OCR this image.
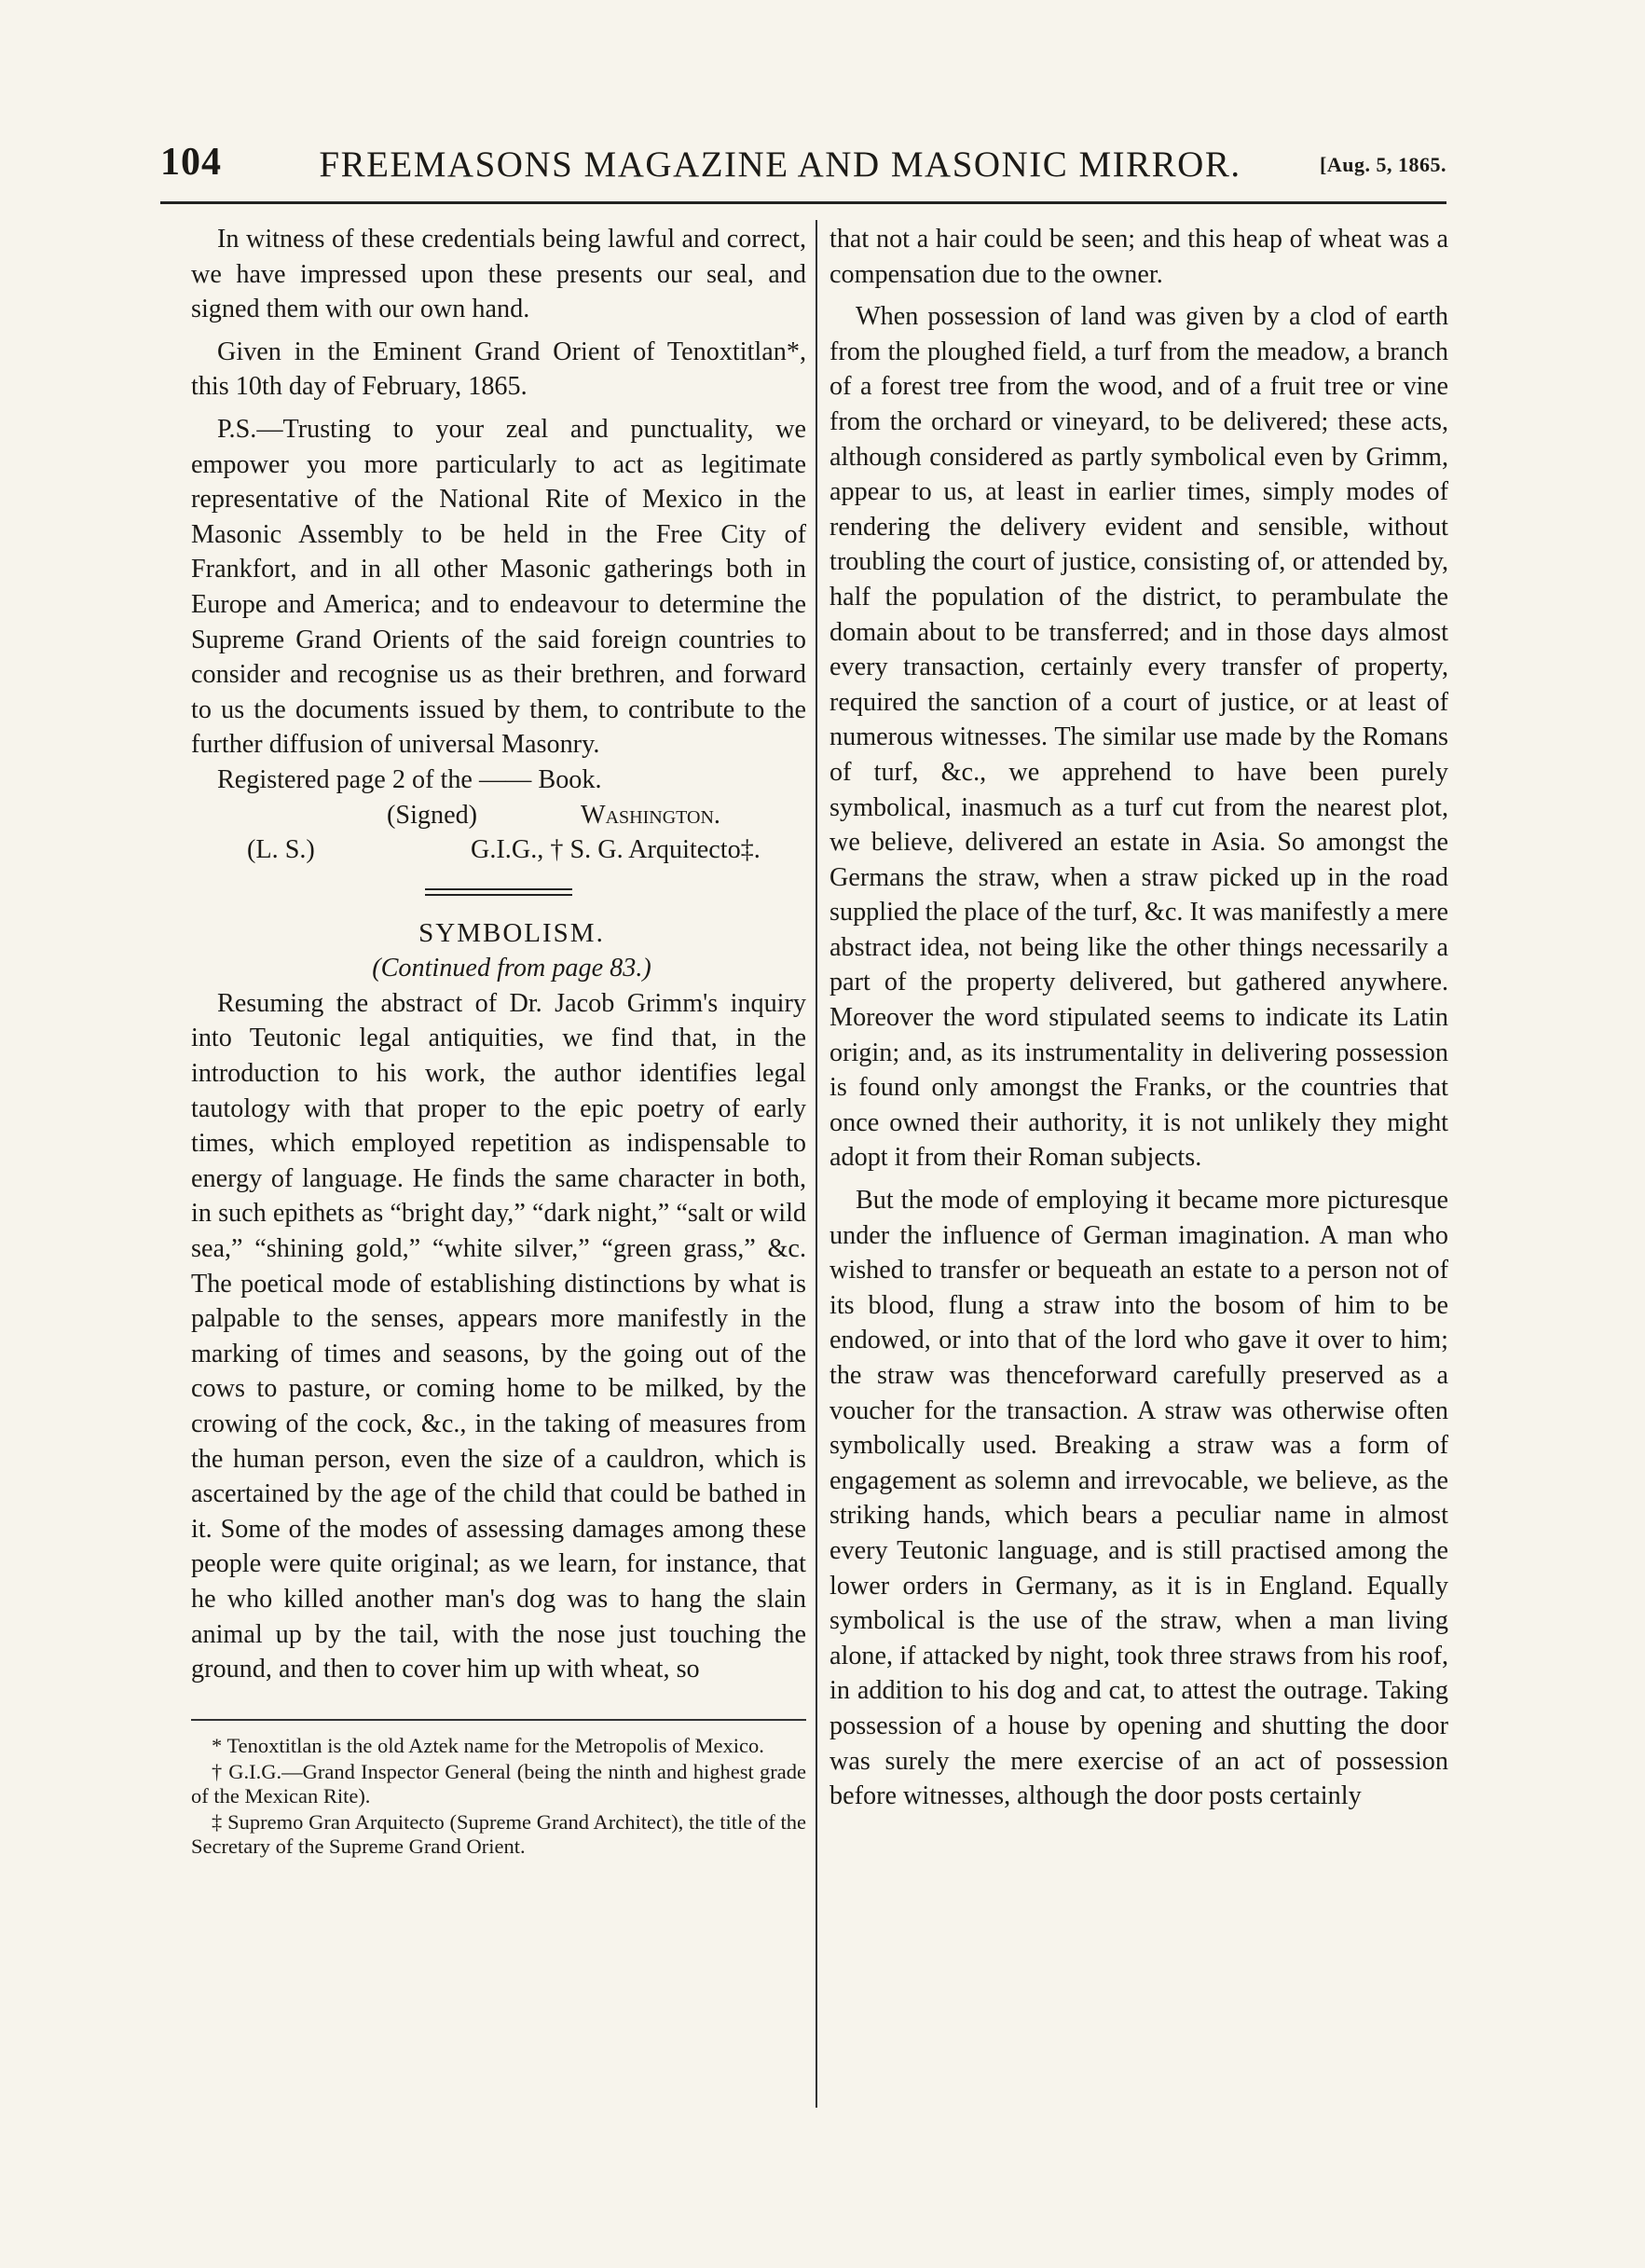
104	FREEMASONS MAGAZINE AND MASONIC MIRROR.	[Aug. 5, 1865.

In witness of these credentials being lawful and correct, we have impressed upon these presents our seal, and signed them with our own hand.

Given in the Eminent Grand Orient of Tenoxtitlan*, this 10th day of February, 1865.

P.S.—Trusting to your zeal and punctuality, we empower you more particularly to act as legitimate representative of the National Rite of Mexico in the Masonic Assembly to be held in the Free City of Frankfort, and in all other Masonic gatherings both in Europe and America; and to endeavour to determine the Supreme Grand Orients of the said foreign countries to consider and recognise us as their brethren, and forward to us the documents issued by them, to contribute to the further diffusion of universal Masonry.

Registered page 2 of the —— Book.

(Signed)	Washington.
(L. S.)	G.I.G., † S. G. Arquitecto‡.

SYMBOLISM.

(Continued from page 83.)

Resuming the abstract of Dr. Jacob Grimm's inquiry into Teutonic legal antiquities, we find that, in the introduction to his work, the author identifies legal tautology with that proper to the epic poetry of early times, which employed repetition as indispensable to energy of language. He finds the same character in both, in such epithets as “bright day,” “dark night,” “salt or wild sea,” “shining gold,” “white silver,” “green grass,” &c. The poetical mode of establishing distinctions by what is palpable to the senses, appears more manifestly in the marking of times and seasons, by the going out of the cows to pasture, or coming home to be milked, by the crowing of the cock, &c., in the taking of measures from the human person, even the size of a cauldron, which is ascertained by the age of the child that could be bathed in it. Some of the modes of assessing damages among these people were quite original; as we learn, for instance, that he who killed another man's dog was to hang the slain animal up by the tail, with the nose just touching the ground, and then to cover him up with wheat, so

* Tenoxtitlan is the old Aztek name for the Metropolis of Mexico.

† G.I.G.—Grand Inspector General (being the ninth and highest grade of the Mexican Rite).

‡ Supremo Gran Arquitecto (Supreme Grand Architect), the title of the Secretary of the Supreme Grand Orient.

that not a hair could be seen; and this heap of wheat was a compensation due to the owner.

When possession of land was given by a clod of earth from the ploughed field, a turf from the meadow, a branch of a forest tree from the wood, and of a fruit tree or vine from the orchard or vineyard, to be delivered; these acts, although considered as partly symbolical even by Grimm, appear to us, at least in earlier times, simply modes of rendering the delivery evident and sensible, without troubling the court of justice, consisting of, or attended by, half the population of the district, to perambulate the domain about to be transferred; and in those days almost every transaction, certainly every transfer of property, required the sanction of a court of justice, or at least of numerous witnesses. The similar use made by the Romans of turf, &c., we apprehend to have been purely symbolical, inasmuch as a turf cut from the nearest plot, we believe, delivered an estate in Asia. So amongst the Germans the straw, when a straw picked up in the road supplied the place of the turf, &c. It was manifestly a mere abstract idea, not being like the other things necessarily a part of the property delivered, but gathered anywhere. Moreover the word stipulated seems to indicate its Latin origin; and, as its instrumentality in delivering possession is found only amongst the Franks, or the countries that once owned their authority, it is not unlikely they might adopt it from their Roman subjects.

But the mode of employing it became more picturesque under the influence of German imagination. A man who wished to transfer or bequeath an estate to a person not of its blood, flung a straw into the bosom of him to be endowed, or into that of the lord who gave it over to him; the straw was thenceforward carefully preserved as a voucher for the transaction. A straw was otherwise often symbolically used. Breaking a straw was a form of engagement as solemn and irrevocable, we believe, as the striking hands, which bears a peculiar name in almost every Teutonic language, and is still practised among the lower orders in Germany, as it is in England. Equally symbolical is the use of the straw, when a man living alone, if attacked by night, took three straws from his roof, in addition to his dog and cat, to attest the outrage. Taking possession of a house by opening and shutting the door was surely the mere exercise of an act of possession before witnesses, although the door posts certainly
